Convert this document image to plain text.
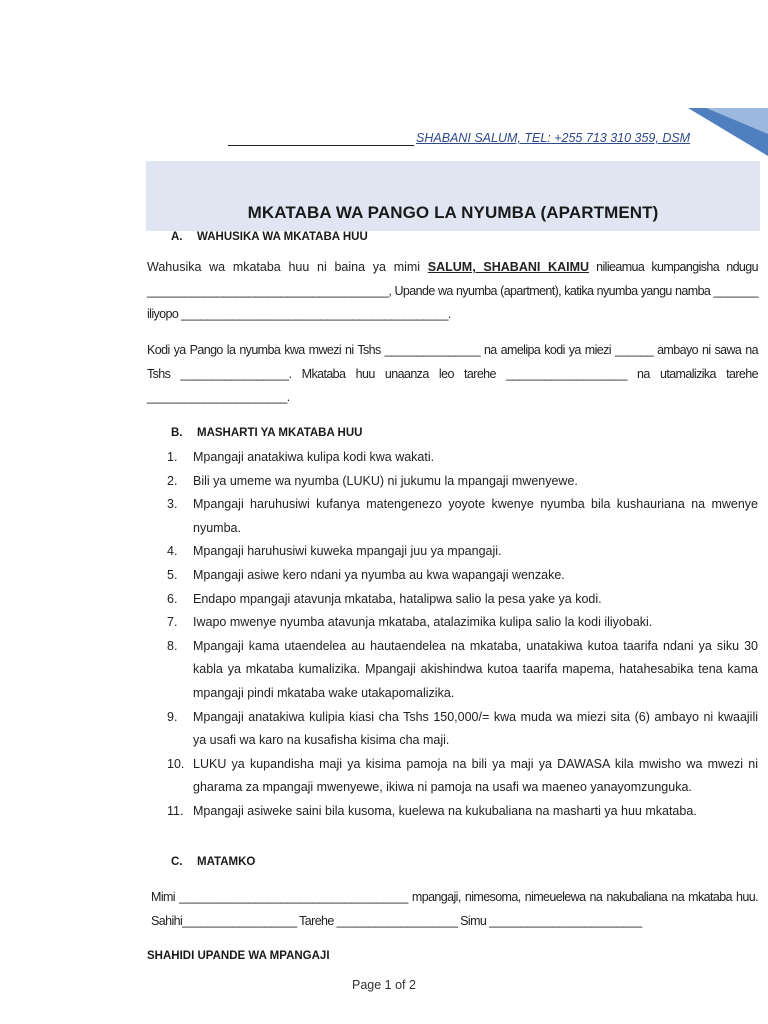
SHABANI SALUM, TEL: +255 713 310 359, DSM
MKATABA WA PANGO LA NYUMBA (APARTMENT)
A. WAHUSIKA WA MKATABA HUU
Wahusika wa mkataba huu ni baina ya mimi SALUM, SHABANI KAIMU nilieamua kumpangisha ndugu ______________________________________, Upande wa nyumba (apartment), katika nyumba yangu namba _______ iliyopo __________________________________________.
Kodi ya Pango la nyumba kwa mwezi ni Tshs _______________ na amelipa kodi ya miezi ______ ambayo ni sawa na Tshs _________________. Mkataba huu unaanza leo tarehe ___________________ na utamalizika tarehe ______________________.
B. MASHARTI YA MKATABA HUU
1. Mpangaji anatakiwa kulipa kodi kwa wakati.
2. Bili ya umeme wa nyumba (LUKU) ni jukumu la mpangaji mwenyewe.
3. Mpangaji haruhusiwi kufanya matengenezo yoyote kwenye nyumba bila kushauriana na mwenye nyumba.
4. Mpangaji haruhusiwi kuweka mpangaji juu ya mpangaji.
5. Mpangaji asiwe kero ndani ya nyumba au kwa wapangaji wenzake.
6. Endapo mpangaji atavunja mkataba, hatalipwa salio la pesa yake ya kodi.
7. Iwapo mwenye nyumba atavunja mkataba, atalazimika kulipa salio la kodi iliyobaki.
8. Mpangaji kama utaendelea au hautaendelea na mkataba, unatakiwa kutoa taarifa ndani ya siku 30 kabla ya mkataba kumalizika. Mpangaji akishindwa kutoa taarifa mapema, hatahesabika tena kama mpangaji pindi mkataba wake utakapomalizika.
9. Mpangaji anatakiwa kulipia kiasi cha Tshs 150,000/= kwa muda wa miezi sita (6) ambayo ni kwaajili ya usafi wa karo na kusafisha kisima cha maji.
10. LUKU ya kupandisha maji ya kisima pamoja na bili ya maji ya DAWASA kila mwisho wa mwezi ni gharama za mpangaji mwenyewe, ikiwa ni pamoja na usafi wa maeneo yanayomzunguka.
11. Mpangaji asiweke saini bila kusoma, kuelewa na kukubaliana na masharti ya huu mkataba.
C. MATAMKO
Mimi ____________________________________ mpangaji, nimesoma, nimeuelewa na nakubaliana na mkataba huu. Sahihi__________________ Tarehe ___________________ Simu ________________________
SHAHIDI UPANDE WA MPANGAJI
Page 1 of 2
